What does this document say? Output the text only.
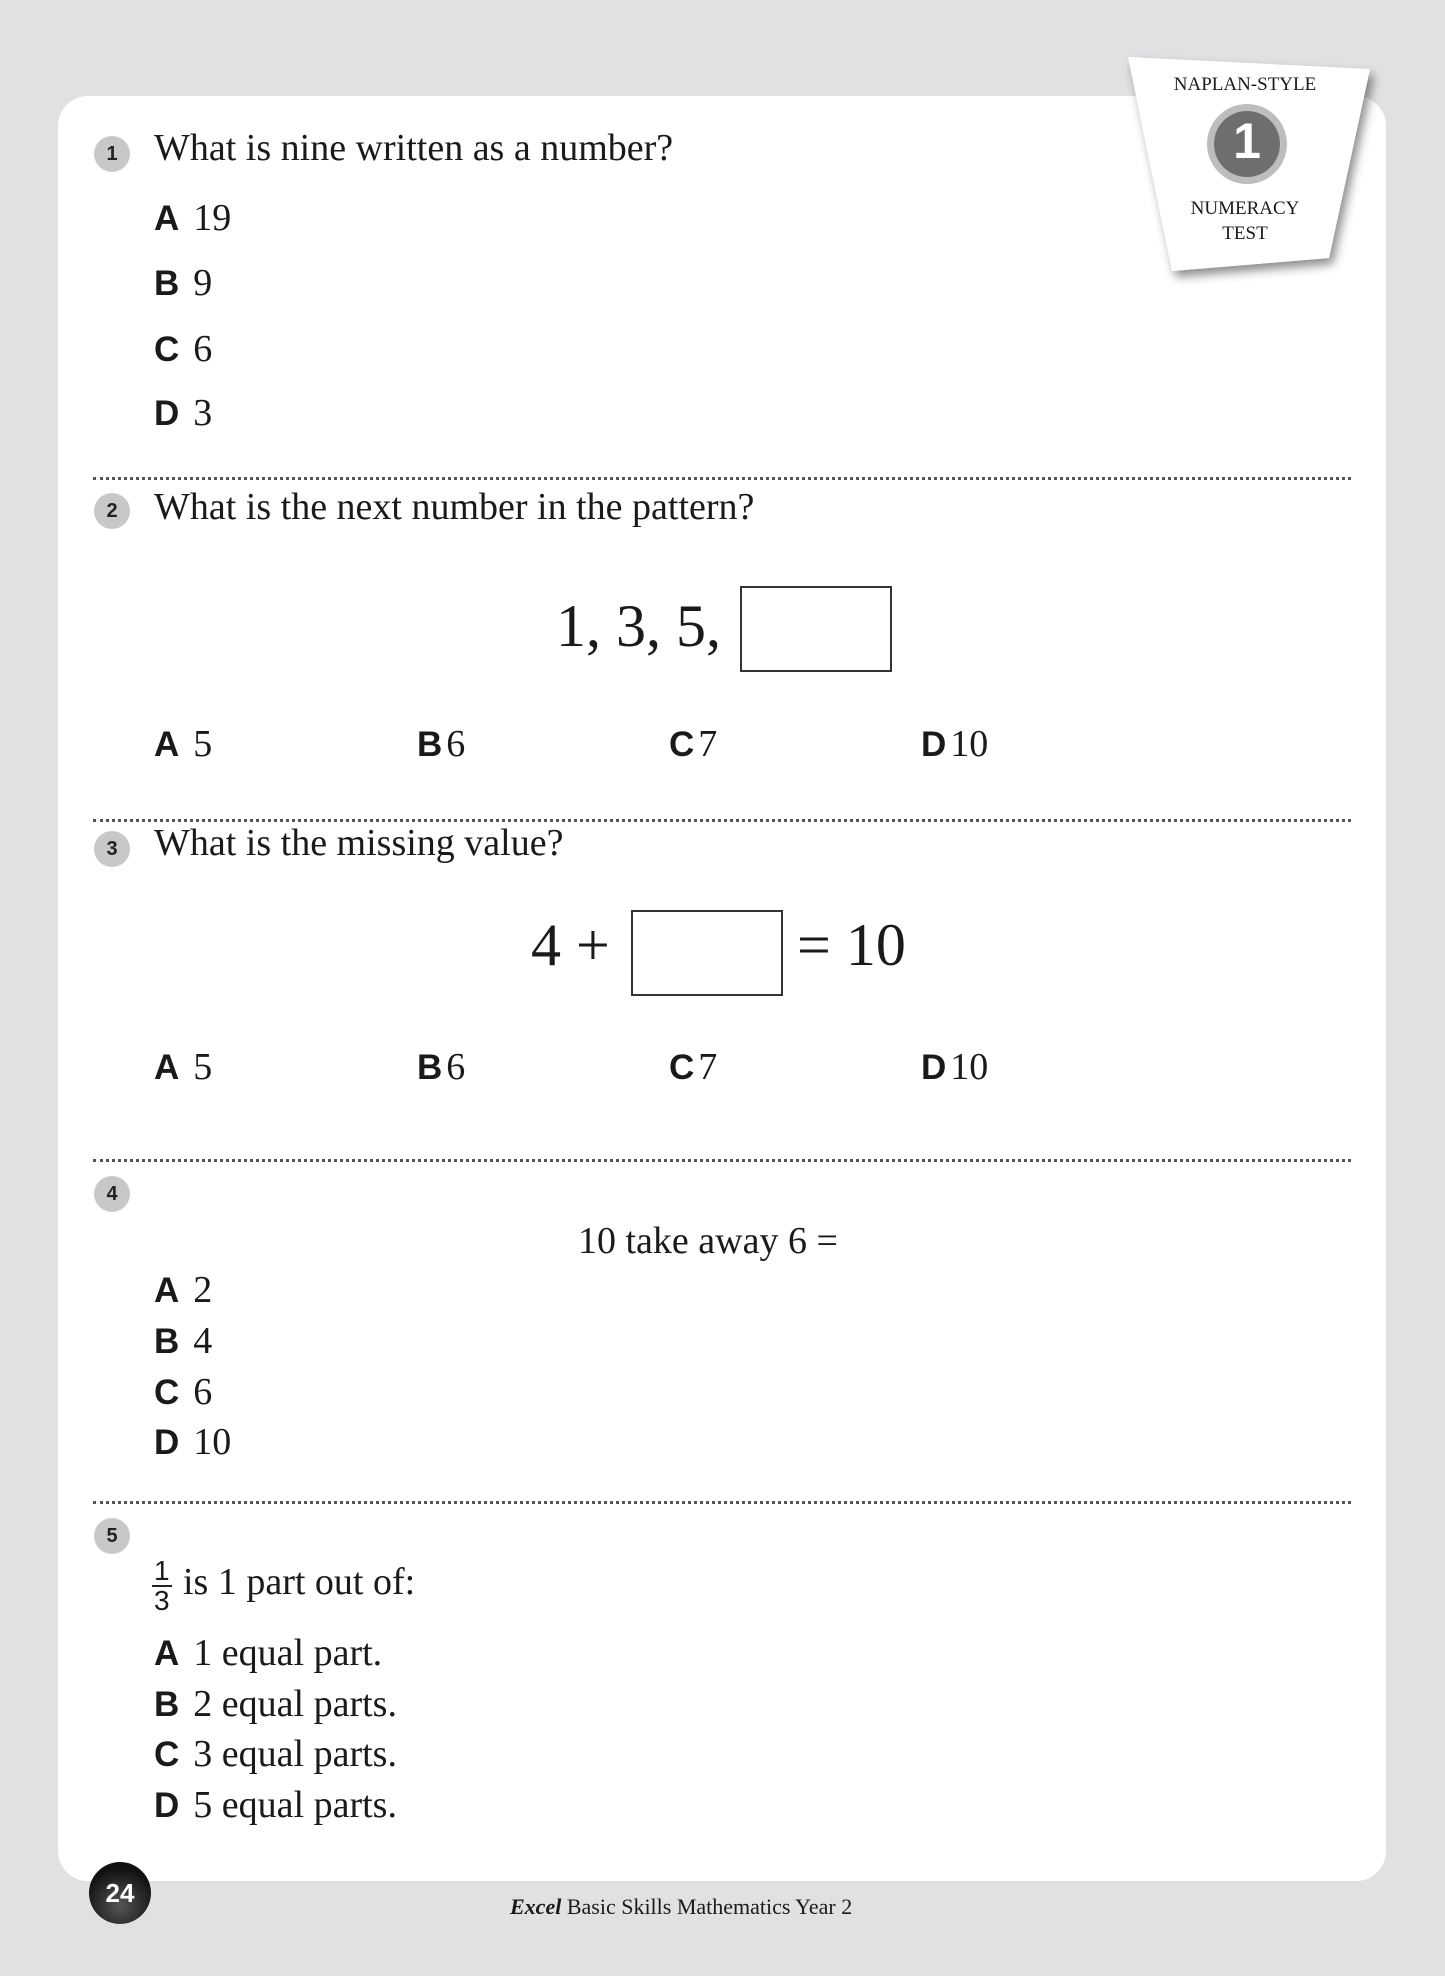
NAPLAN-STYLE
1
NUMERACY
TEST
1 What is nine written as a number?
A 19
B 9
C 6
D 3
2 What is the next number in the pattern?
1, 3, 5,
A 5	B 6	C 7	D 10
3 What is the missing value?
4 +	= 10
A 5	B 6	C 7	D 10
4
10 take away 6 =
A 2
B 4
C 6
D 10
5
$\frac{1}{3}$ is 1 part out of:
A 1 equal part.
B 2 equal parts.
C 3 equal parts.
D 5 equal parts.
24	Excel Basic Skills Mathematics Year 2
